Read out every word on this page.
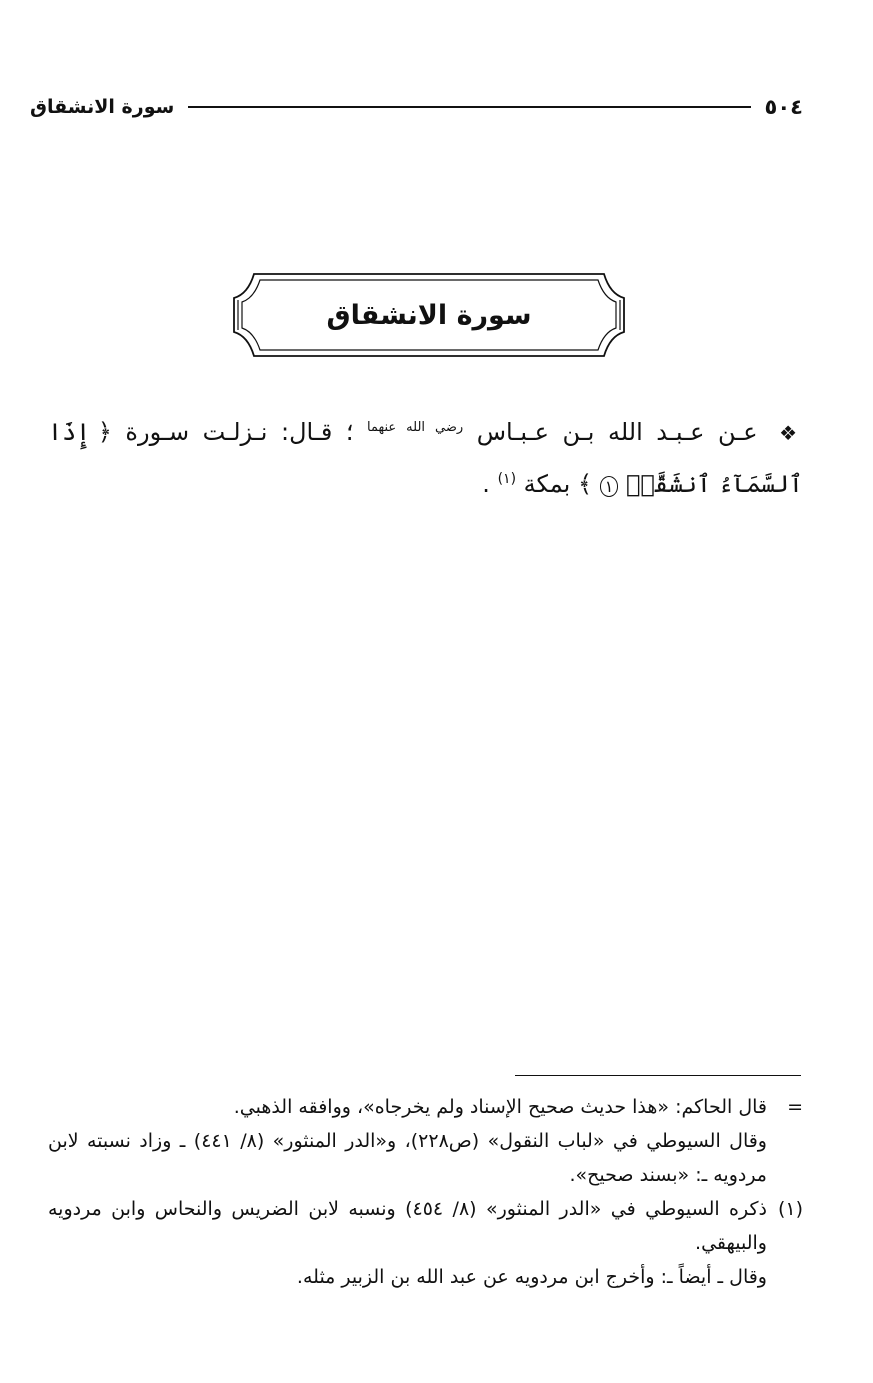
٥٠٤
سورة الانشقاق
سورة الانشقاق
❖ عـن عـبـد الله بـن عـبـاس $^{رضي الله عنهما}$ ؛ قـال: نـزلـت سـورة ﴿ إِذَا ٱلسَّمَآءُ ٱنشَقَّتۡ ١ ﴾ بمكة $^{(١)}$ .
=
قال الحاكم: «هذا حديث صحيح الإسناد ولم يخرجاه»، ووافقه الذهبي.
وقال السيوطي في «لباب النقول» (ص٢٢٨)، و«الدر المنثور» (٨/ ٤٤١) ـ وزاد نسبته لابن مردويه ـ: «بسند صحيح».
(١)
ذكره السيوطي في «الدر المنثور» (٨/ ٤٥٤) ونسبه لابن الضريس والنحاس وابن مردويه والبيهقي.
وقال ـ أيضاً ـ: وأخرج ابن مردويه عن عبد الله بن الزبير مثله.
